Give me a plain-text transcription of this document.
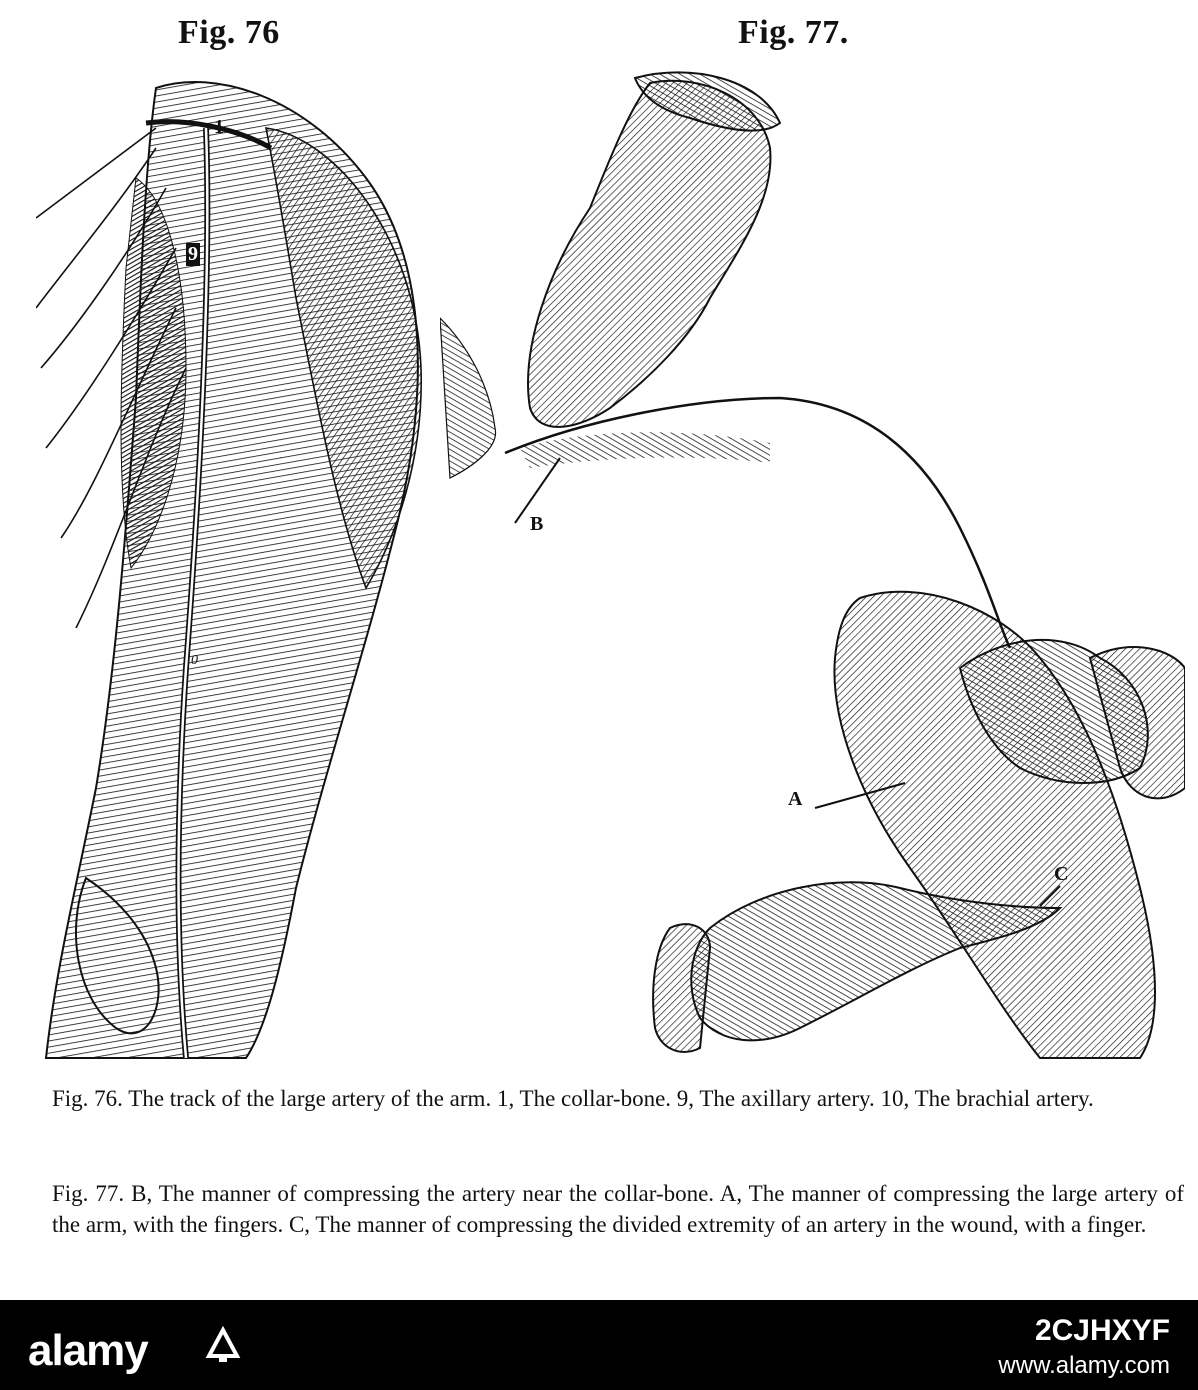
Fig. 76	Fig. 77.
1
9
0
B
A
C

Fig. 76. The track of the large artery of the arm. 1, The collar-bone. 9, The axillary artery. 10, The brachial artery.

Fig. 77. B, The manner of compressing the artery near the collar-bone. A, The manner of compressing the large artery of the arm, with the fingers. C, The manner of compressing the divided extremity of an artery in the wound, with a finger.

alamy	2CJHXYF
www.alamy.com
